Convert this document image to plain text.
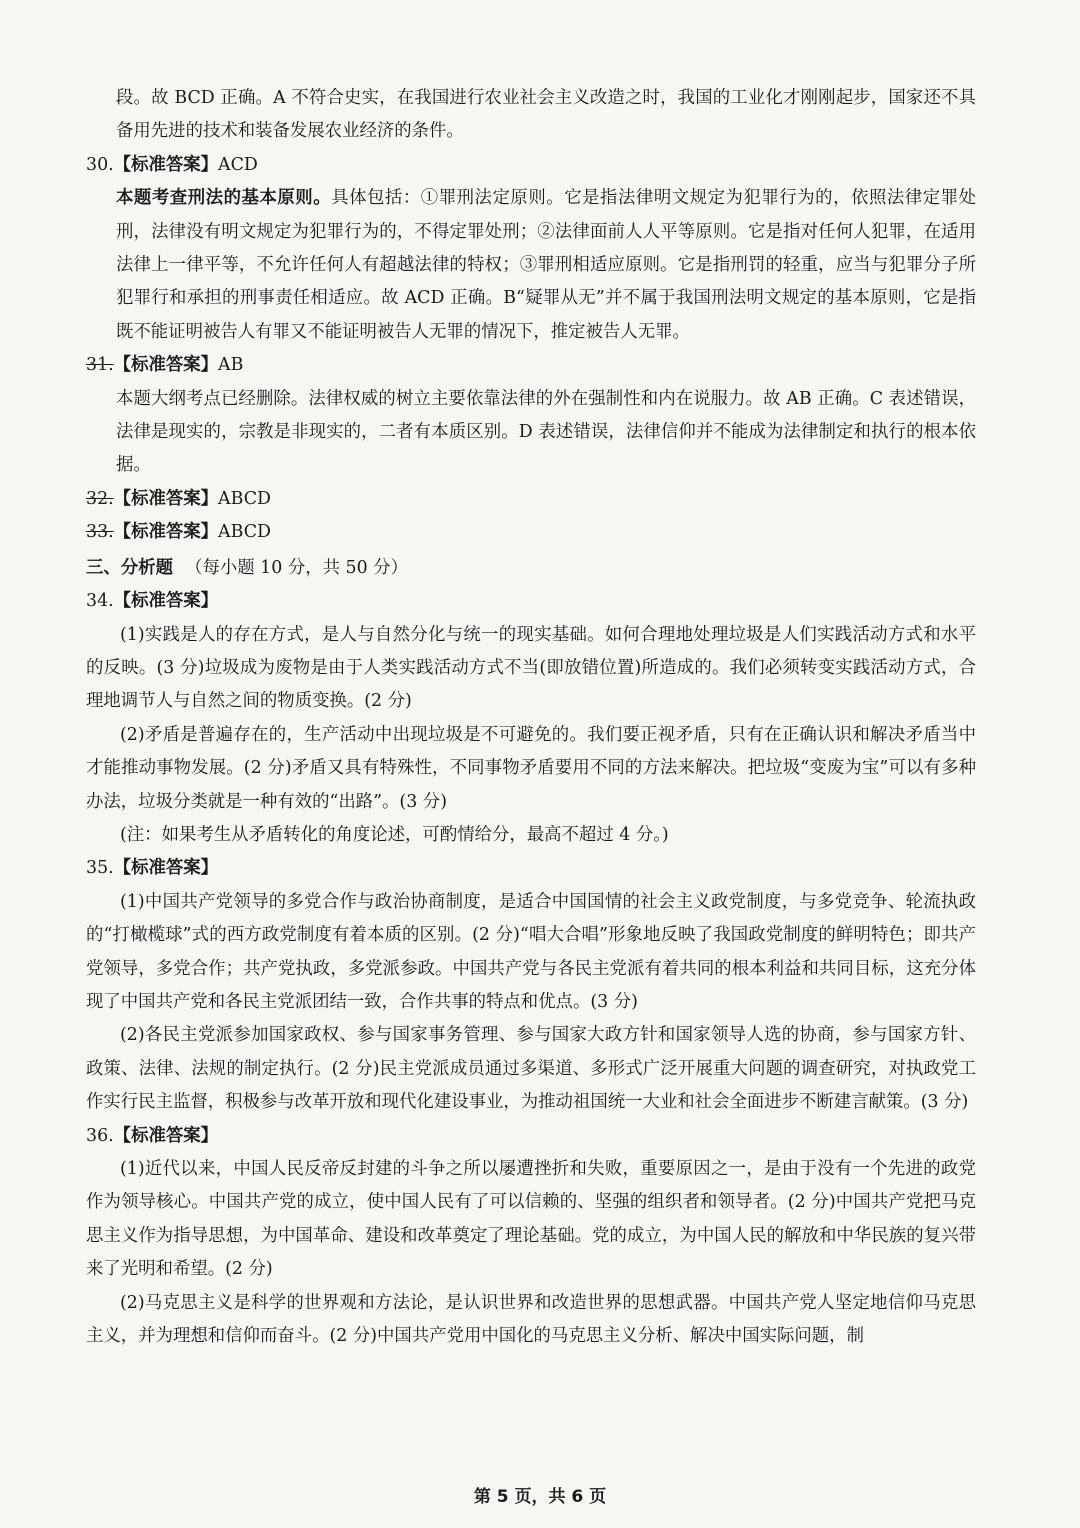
段。故 BCD 正确。A 不符合史实，在我国进行农业社会主义改造之时，我国的工业化才刚刚起步，国家还不具备用先进的技术和装备发展农业经济的条件。

30.【标准答案】ACD

本题考查刑法的基本原则。具体包括：①罪刑法定原则。它是指法律明文规定为犯罪行为的，依照法律定罪处刑，法律没有明文规定为犯罪行为的，不得定罪处刑；②法律面前人人平等原则。它是指对任何人犯罪，在适用法律上一律平等，不允许任何人有超越法律的特权；③罪刑相适应原则。它是指刑罚的轻重，应当与犯罪分子所犯罪行和承担的刑事责任相适应。故 ACD 正确。B“疑罪从无”并不属于我国刑法明文规定的基本原则，它是指既不能证明被告人有罪又不能证明被告人无罪的情况下，推定被告人无罪。

31.【标准答案】AB

本题大纲考点已经删除。法律权威的树立主要依靠法律的外在强制性和内在说服力。故 AB 正确。C 表述错误，法律是现实的，宗教是非现实的，二者有本质区别。D 表述错误，法律信仰并不能成为法律制定和执行的根本依据。

32.【标准答案】ABCD

33.【标准答案】ABCD

三、分析题 （每小题 10 分，共 50 分）

34.【标准答案】

(1)实践是人的存在方式，是人与自然分化与统一的现实基础。如何合理地处理垃圾是人们实践活动方式和水平的反映。(3 分)垃圾成为废物是由于人类实践活动方式不当(即放错位置)所造成的。我们必须转变实践活动方式，合理地调节人与自然之间的物质变换。(2 分)

(2)矛盾是普遍存在的，生产活动中出现垃圾是不可避免的。我们要正视矛盾，只有在正确认识和解决矛盾当中才能推动事物发展。(2 分)矛盾又具有特殊性，不同事物矛盾要用不同的方法来解决。把垃圾“变废为宝”可以有多种办法，垃圾分类就是一种有效的“出路”。(3 分)

(注：如果考生从矛盾转化的角度论述，可酌情给分，最高不超过 4 分。)

35.【标准答案】

(1)中国共产党领导的多党合作与政治协商制度，是适合中国国情的社会主义政党制度，与多党竞争、轮流执政的“打橄榄球”式的西方政党制度有着本质的区别。(2 分)“唱大合唱”形象地反映了我国政党制度的鲜明特色；即共产党领导，多党合作；共产党执政，多党派参政。中国共产党与各民主党派有着共同的根本利益和共同目标，这充分体现了中国共产党和各民主党派团结一致，合作共事的特点和优点。(3 分)

(2)各民主党派参加国家政权、参与国家事务管理、参与国家大政方针和国家领导人选的协商，参与国家方针、政策、法律、法规的制定执行。(2 分)民主党派成员通过多渠道、多形式广泛开展重大问题的调查研究，对执政党工作实行民主监督，积极参与改革开放和现代化建设事业，为推动祖国统一大业和社会全面进步不断建言献策。(3 分)

36.【标准答案】

(1)近代以来，中国人民反帝反封建的斗争之所以屡遭挫折和失败，重要原因之一，是由于没有一个先进的政党作为领导核心。中国共产党的成立，使中国人民有了可以信赖的、坚强的组织者和领导者。(2 分)中国共产党把马克思主义作为指导思想，为中国革命、建设和改革奠定了理论基础。党的成立，为中国人民的解放和中华民族的复兴带来了光明和希望。(2 分)

(2)马克思主义是科学的世界观和方法论，是认识世界和改造世界的思想武器。中国共产党人坚定地信仰马克思主义，并为理想和信仰而奋斗。(2 分)中国共产党用中国化的马克思主义分析、解决中国实际问题，制

第 5 页，共 6 页
